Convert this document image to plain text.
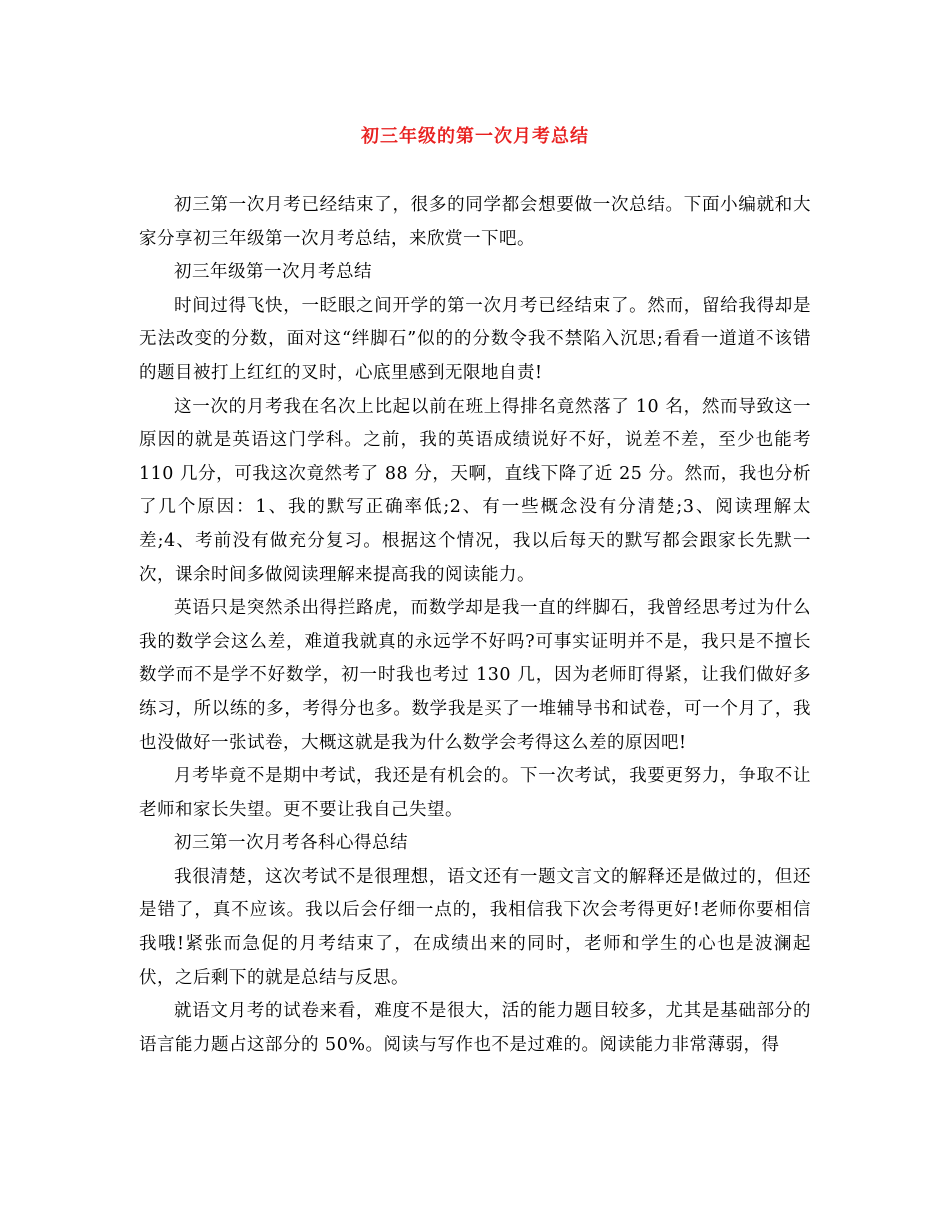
初三年级的第一次月考总结

初三第一次月考已经结束了，很多的同学都会想要做一次总结。下面小编就和大家分享初三年级第一次月考总结，来欣赏一下吧。

初三年级第一次月考总结

时间过得飞快，一眨眼之间开学的第一次月考已经结束了。然而，留给我得却是无法改变的分数，面对这“绊脚石”似的的分数令我不禁陷入沉思;看看一道道不该错的题目被打上红红的叉时，心底里感到无限地自责!

这一次的月考我在名次上比起以前在班上得排名竟然落了 10 名，然而导致这一原因的就是英语这门学科。之前，我的英语成绩说好不好，说差不差，至少也能考 110 几分，可我这次竟然考了 88 分，天啊，直线下降了近 25 分。然而，我也分析了几个原因：1、我的默写正确率低;2、有一些概念没有分清楚;3、阅读理解太差;4、考前没有做充分复习。根据这个情况，我以后每天的默写都会跟家长先默一次，课余时间多做阅读理解来提高我的阅读能力。

英语只是突然杀出得拦路虎，而数学却是我一直的绊脚石，我曾经思考过为什么我的数学会这么差，难道我就真的永远学不好吗?可事实证明并不是，我只是不擅长数学而不是学不好数学，初一时我也考过 130 几，因为老师盯得紧，让我们做好多练习，所以练的多，考得分也多。数学我是买了一堆辅导书和试卷，可一个月了，我也没做好一张试卷，大概这就是我为什么数学会考得这么差的原因吧!

月考毕竟不是期中考试，我还是有机会的。下一次考试，我要更努力，争取不让老师和家长失望。更不要让我自己失望。

初三第一次月考各科心得总结

我很清楚，这次考试不是很理想，语文还有一题文言文的解释还是做过的，但还是错了，真不应该。我以后会仔细一点的，我相信我下次会考得更好!老师你要相信我哦!紧张而急促的月考结束了，在成绩出来的同时，老师和学生的心也是波澜起伏，之后剩下的就是总结与反思。

就语文月考的试卷来看，难度不是很大，活的能力题目较多，尤其是基础部分的语言能力题占这部分的 50%。阅读与写作也不是过难的。阅读能力非常薄弱，得
